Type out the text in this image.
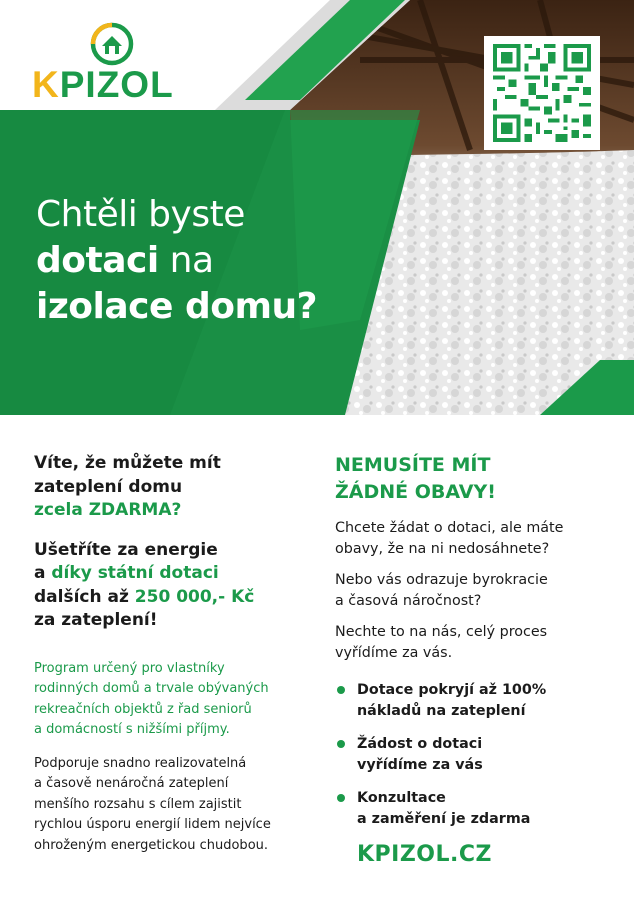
KPIZOL
Chtěli byste
dotaci na
izolace domu?
Víte, že můžete mít
zateplení domu
zcela ZDARMA?
Ušetříte za energie
a díky státní dotaci
dalších až 250 000,- Kč
za zateplení!

Program určený pro vlastníky
rodinných domů a trvale obývaných
rekreačních objektů z řad seniorů
a domácností s nižšími příjmy.

Podporuje snadno realizovatelná
a časově nenáročná zateplení
menšího rozsahu s cílem zajistit
rychlou úsporu energií lidem nejvíce
ohroženým energetickou chudobou.

NEMUSÍTE MÍT
ŽÁDNÉ OBAVY!

Chcete žádat o dotaci, ale máte
obavy, že na ni nedosáhnete?

Nebo vás odrazuje byrokracie
a časová náročnost?

Nechte to na nás, celý proces
vyřídíme za vás.

Dotace pokryjí až 100%
nákladů na zateplení
Žádost o dotaci
vyřídíme za vás
Konzultace
a zaměření je zdarma
KPIZOL.CZ
